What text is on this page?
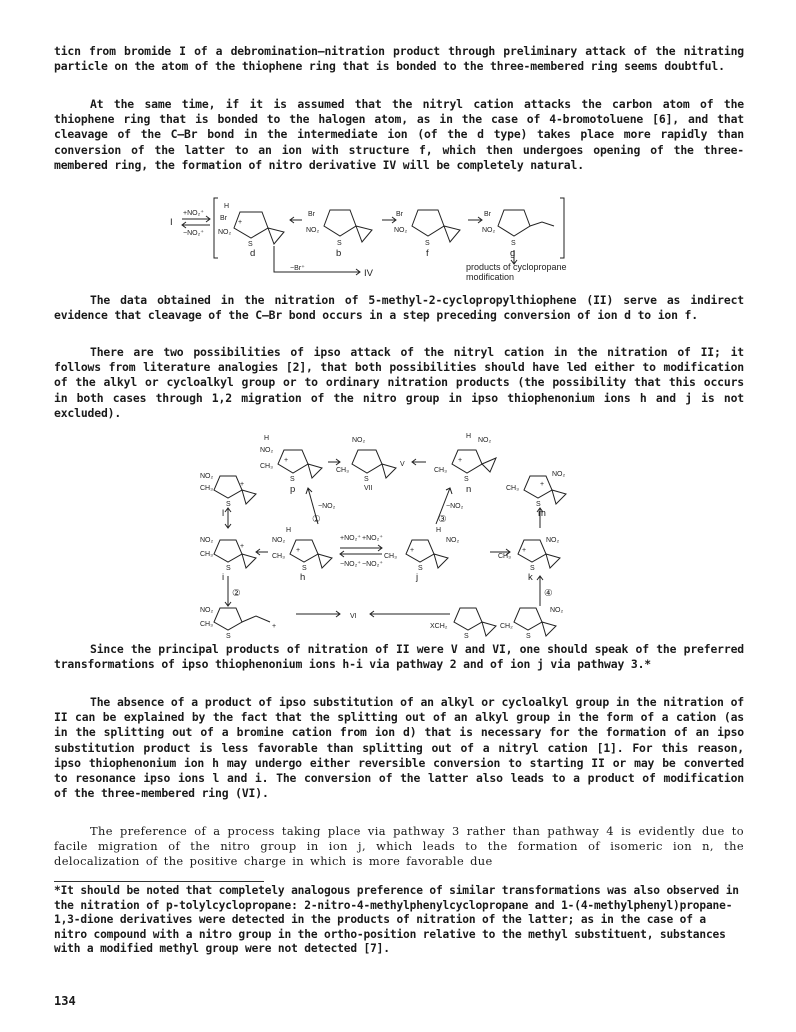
ticn from bromide I of a debromination—nitration product through preliminary attack of the nitrating particle on the atom of the thiophene ring that is bonded to the three-membered ring seems doubtful.

At the same time, if it is assumed that the nitryl cation attacks the carbon atom of the thiophene ring that is bonded to the halogen atom, as in the case of 4-bromotoluene [6], and that cleavage of the C—Br bond in the intermediate ion (of the d type) takes place more rapidly than conversion of the latter to an ion with structure f, which then undergoes opening of the three-membered ring, the formation of nitro derivative IV will be completely natural.

I
+NO₂⁺
−NO₂⁺
H
Br
NO₂
S
+
Br
NO₂
S
Br
NO₂
S
Br
NO₂
S
d	b	f	g
−Br⁺	IV
products of cyclopropane
modification

The data obtained in the nitration of 5-methyl-2-cyclopropylthiophene (II) serve as indirect evidence that cleavage of the C—Br bond occurs in a step preceding conversion of ion d to ion f.

There are two possibilities of ipso attack of the nitryl cation in the nitration of II; it follows from literature analogies [2], that both possibilities should have led either to modification of the alkyl or cycloalkyl group or to ordinary nitration products (the possibility that this occurs in both cases through 1,2 migration of the nitro group in ipso thiophenonium ions h and j is not excluded).

H
NO₂
CH₃
S
+
p
NO₂
CH₃
S
VII
V
H
NO₂
CH₃
S
+
n
NO₂
CH₃
S
+
l
NO₂
CH₃
S
+
m
−NO₂
①
−NO₂
③
NO₂
CH₃
S
+
i
H
NO₂
CH₃
S
+
h
+NO₂⁺ +NO₂⁺
−NO₂⁺ −NO₂⁺
CH₃
S
+
H
NO₂
j
NO₂
CH₃
S
+
k
②	④
NO₂
CH₃
S
+
VI
XCH₂
S
CH₂
S
NO₂

Since the principal products of nitration of II were V and VI, one should speak of the preferred transformations of ipso thiophenonium ions h-i via pathway 2 and of ion j via pathway 3.*

The absence of a product of ipso substitution of an alkyl or cycloalkyl group in the nitration of II can be explained by the fact that the splitting out of an alkyl group in the form of a cation (as in the splitting out of a bromine cation from ion d) that is necessary for the formation of an ipso substitution product is less favorable than splitting out of a nitryl cation [1]. For this reason, ipso thiophenonium ion h may undergo either reversible conversion to starting II or may be converted to resonance ipso ions l and i. The conversion of the latter also leads to a product of modification of the three-membered ring (VI).

The preference of a process taking place via pathway 3 rather than pathway 4 is evidently due to facile migration of the nitro group in ion j, which leads to the formation of isomeric ion n, the delocalization of the positive charge in which is more favorable due

*It should be noted that completely analogous preference of similar transformations was also observed in the nitration of p-tolylcyclopropane: 2-nitro-4-methylphenylcyclopropane and 1-(4-methylphenyl)propane-1,3-dione derivatives were detected in the products of nitration of the latter; as in the case of a nitro compound with a nitro group in the ortho-position relative to the methyl substituent, substances with a modified methyl group were not detected [7].

134
